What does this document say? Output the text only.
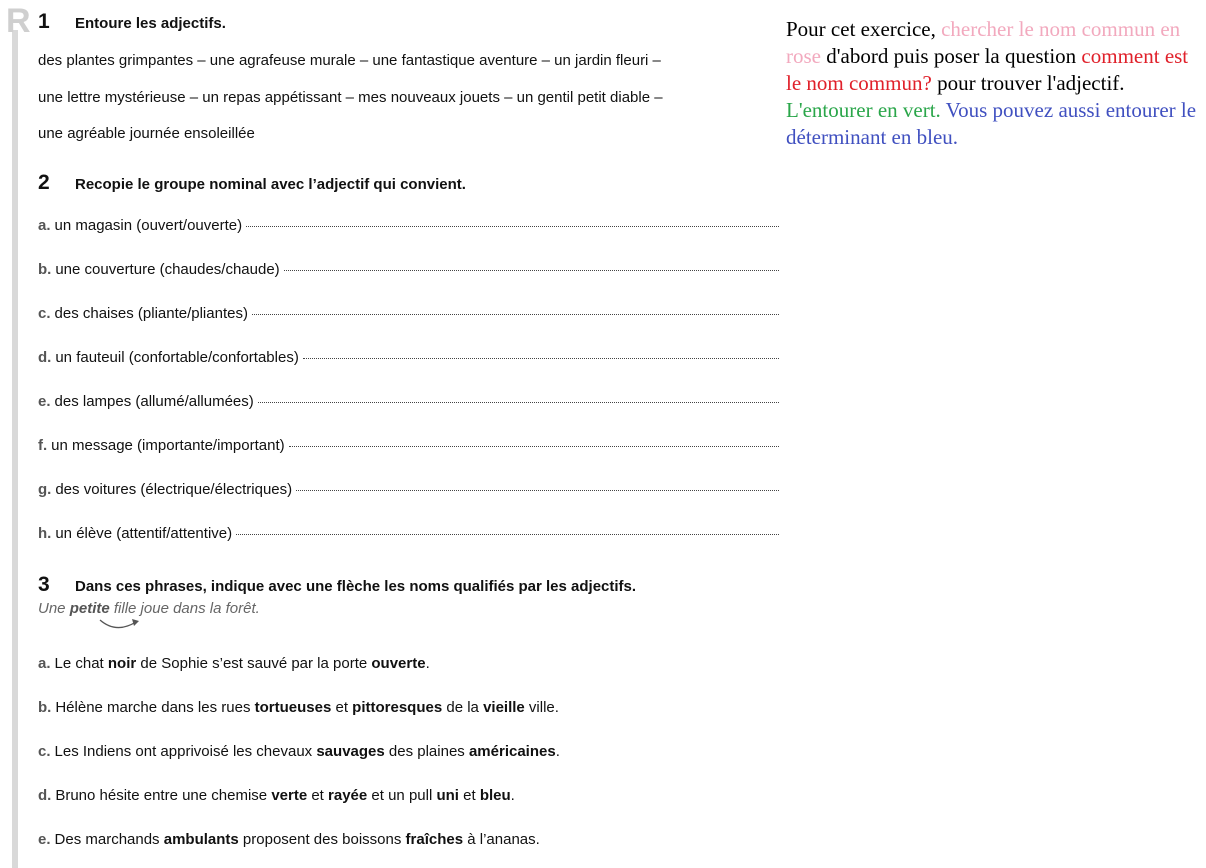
R 1	Entoure les adjectifs.
des plantes grimpantes – une agrafeuse murale – une fantastique aventure – un jardin fleuri –
une lettre mystérieuse – un repas appétissant – mes nouveaux jouets – un gentil petit diable –
une agréable journée ensoleillée
2	Recopie le groupe nominal avec l’adjectif qui convient.
a. un magasin (ouvert/ouverte)
b. une couverture (chaudes/chaude)
c. des chaises (pliante/pliantes)
d. un fauteuil (confortable/confortables)
e. des lampes (allumé/allumées)
f. un message (importante/important)
g. des voitures (électrique/électriques)
h. un élève (attentif/attentive)
3	Dans ces phrases, indique avec une flèche les noms qualifiés par les adjectifs.
Une petite fille joue dans la forêt.
a. Le chat noir de Sophie s’est sauvé par la porte ouverte.
b. Hélène marche dans les rues tortueuses et pittoresques de la vieille ville.
c. Les Indiens ont apprivoisé les chevaux sauvages des plaines américaines.
d. Bruno hésite entre une chemise verte et rayée et un pull uni et bleu.
e. Des marchands ambulants proposent des boissons fraîches à l’ananas.
Pour cet exercice, chercher le nom commun en rose d'abord puis poser la question comment est le nom commun? pour trouver l'adjectif. L'entourer en vert. Vous pouvez aussi entourer le déterminant en bleu.
